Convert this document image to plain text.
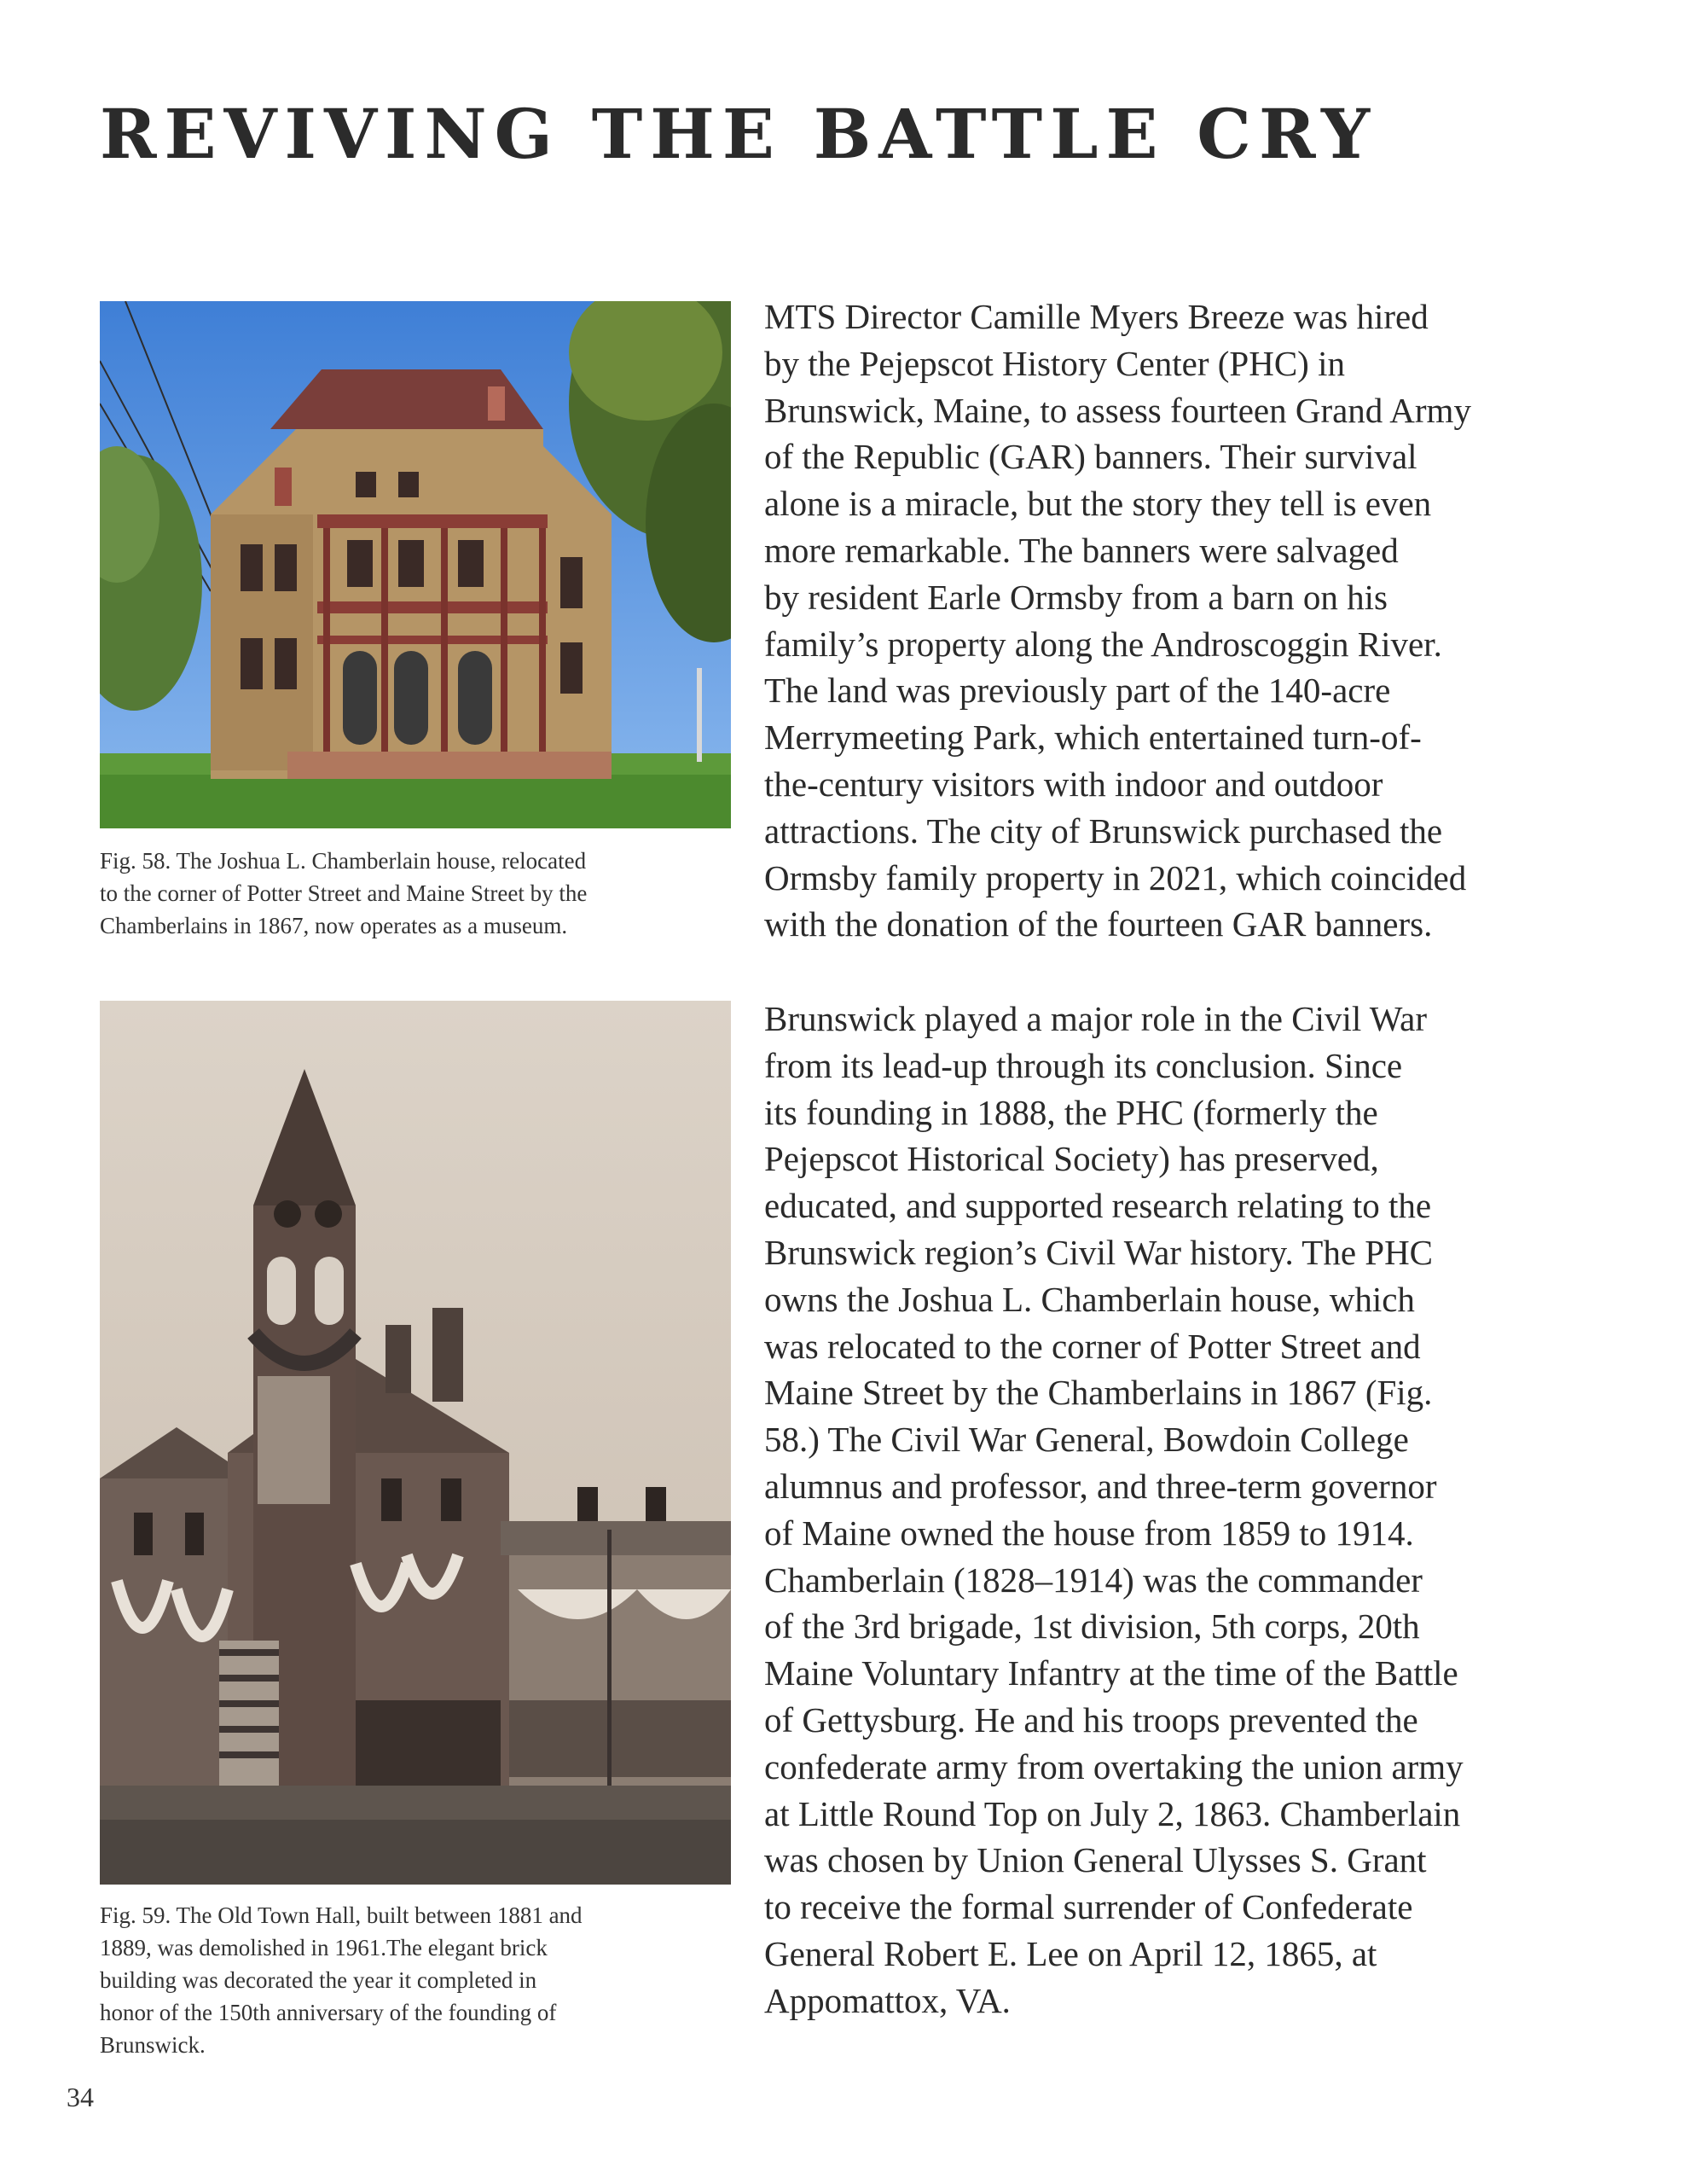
REVIVING THE BATTLE CRY
Fig. 58. The Joshua L. Chamberlain house, relocated
to the corner of Potter Street and Maine Street by the
Chamberlains in 1867, now operates as a museum.
Fig. 59. The Old Town Hall, built between 1881 and
1889, was demolished in 1961.The elegant brick
building was decorated the year it completed in
honor of the 150th anniversary of the founding of
Brunswick.
MTS Director Camille Myers Breeze was hired
by the Pejepscot History Center (PHC) in
Brunswick, Maine, to assess fourteen Grand Army
of the Republic (GAR) banners. Their survival
alone is a miracle, but the story they tell is even
more remarkable. The banners were salvaged
by resident Earle Ormsby from a barn on his
family’s property along the Androscoggin River.
The land was previously part of the 140-acre
Merrymeeting Park, which entertained turn-of-
the-century visitors with indoor and outdoor
attractions. The city of Brunswick purchased the
Ormsby family property in 2021, which coincided
with the donation of the fourteen GAR banners.
Brunswick played a major role in the Civil War
from its lead-up through its conclusion. Since
its founding in 1888, the PHC (formerly the
Pejepscot Historical Society) has preserved,
educated, and supported research relating to the
Brunswick region’s Civil War history. The PHC
owns the Joshua L. Chamberlain house, which
was relocated to the corner of Potter Street and
Maine Street by the Chamberlains in 1867 (Fig.
58.) The Civil War General, Bowdoin College
alumnus and professor, and three-term governor
of Maine owned the house from 1859 to 1914.
Chamberlain (1828–1914) was the commander
of the 3rd brigade, 1st division, 5th corps, 20th
Maine Voluntary Infantry at the time of the Battle
of Gettysburg. He and his troops prevented the
confederate army from overtaking the union army
at Little Round Top on July 2, 1863. Chamberlain
was chosen by Union General Ulysses S. Grant
to receive the formal surrender of Confederate
General Robert E. Lee on April 12, 1865, at
Appomattox, VA.
34
